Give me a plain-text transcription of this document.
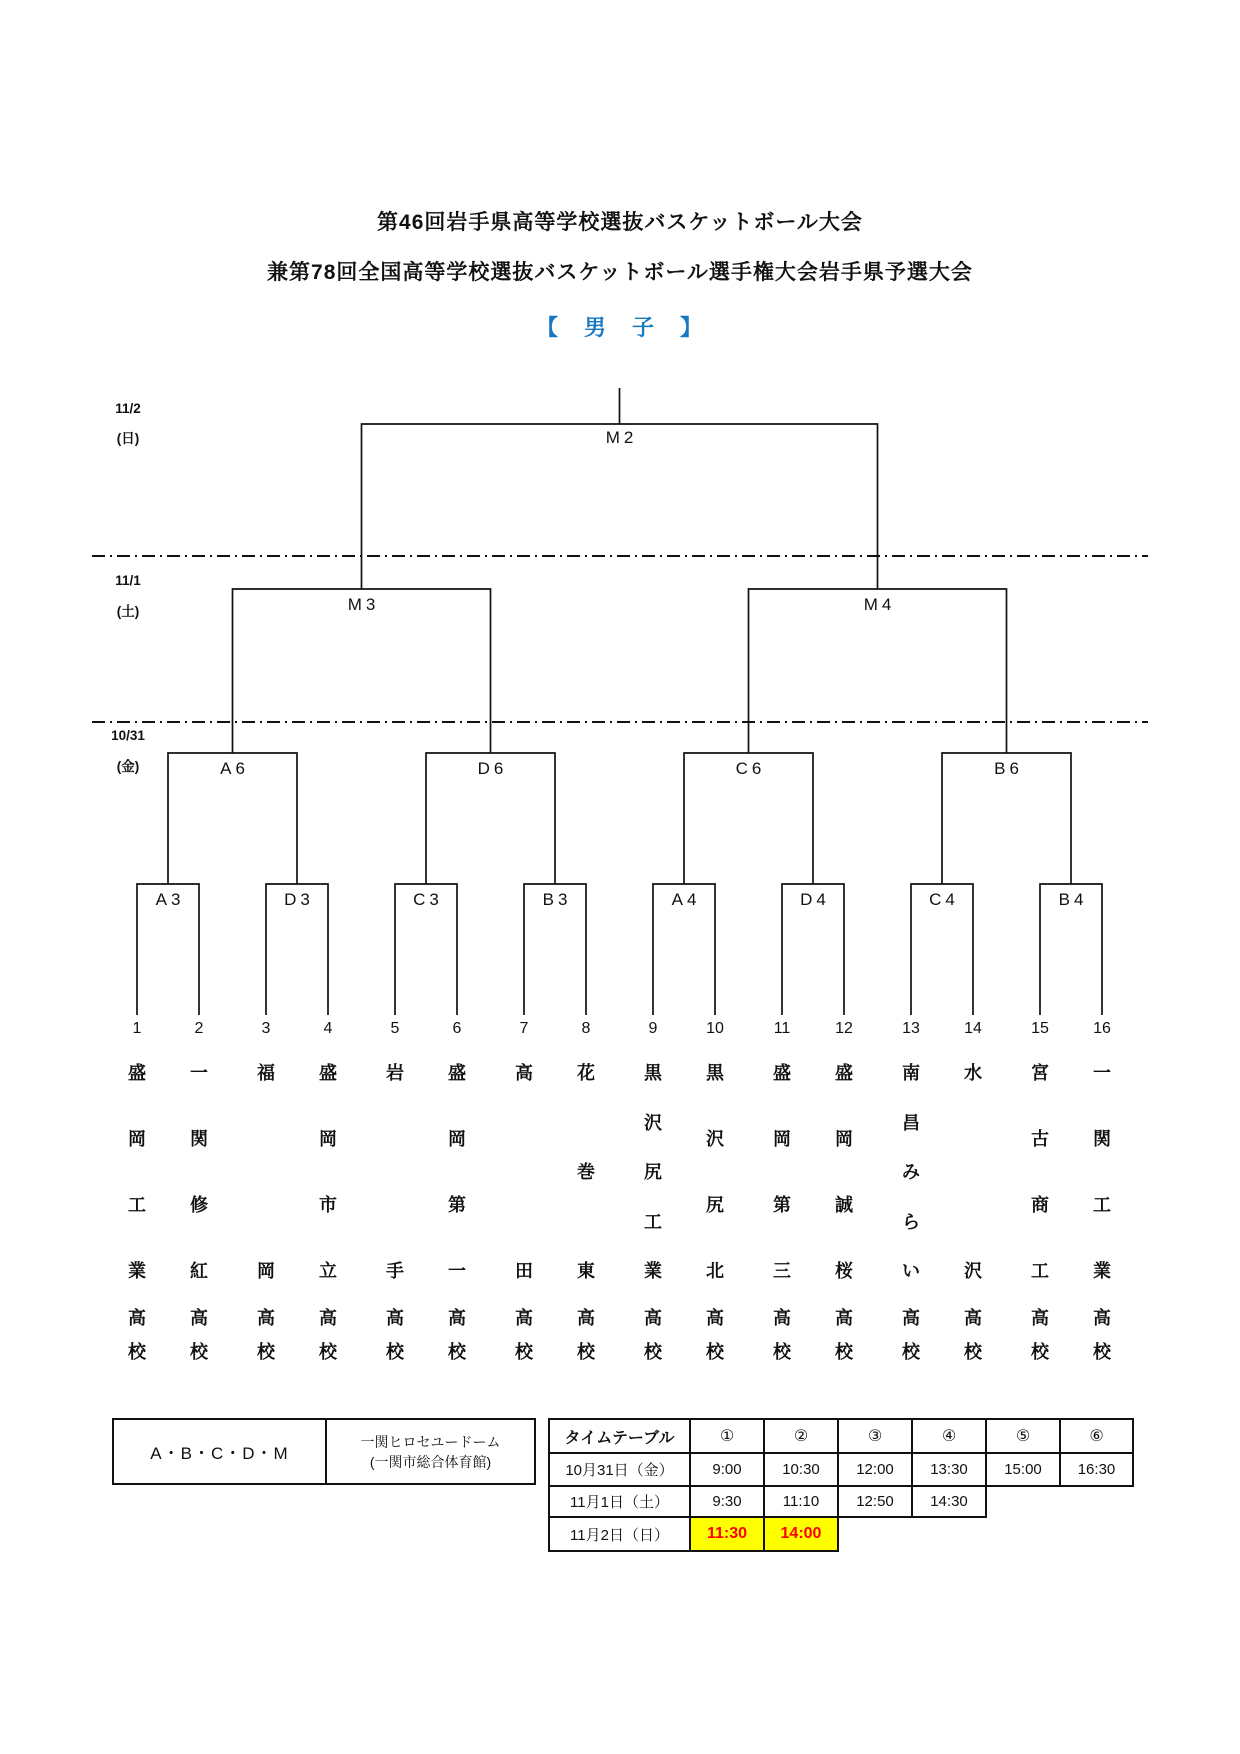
第46回岩手県高等学校選抜バスケットボール大会
兼第78回全国高等学校選抜バスケットボール選手権大会岩手県予選大会
【　男　子　】
M2
M3	M4
A6	D6	C6	B6
A3	D3	C3	B3	A4	D4	C4	B4
11/2
(日)
11/1
(土)
10/31
(金)
1
盛
岡
工
業
高
校
2
一
関
修
紅
高
校
3
福
岡
高
校
4
盛
岡
市
立
高
校
5
岩
手
高
校
6
盛
岡
第
一
高
校
7
高
田
高
校
8
花
巻
東
高
校
9
黒
沢
尻
工
業
高
校
10
黒
沢
尻
北
高
校
11
盛
岡
第
三
高
校
12
盛
岡
誠
桜
高
校
13
南
昌
み
ら
い
高
校
14
水
沢
高
校
15
宮
古
商
工
高
校
16
一
関
工
業
高
校
A・B・C・D・M	
一関ヒロセユードーム
(一関市総合体育館)
タイムテーブル	①	②	③	④	⑤	⑥
10月31日（金）	9:00	10:30	12:00	13:30	15:00	16:30
11月1日（土）	9:30	11:10	12:50	14:30		
11月2日（日）	11:30	14:00				
